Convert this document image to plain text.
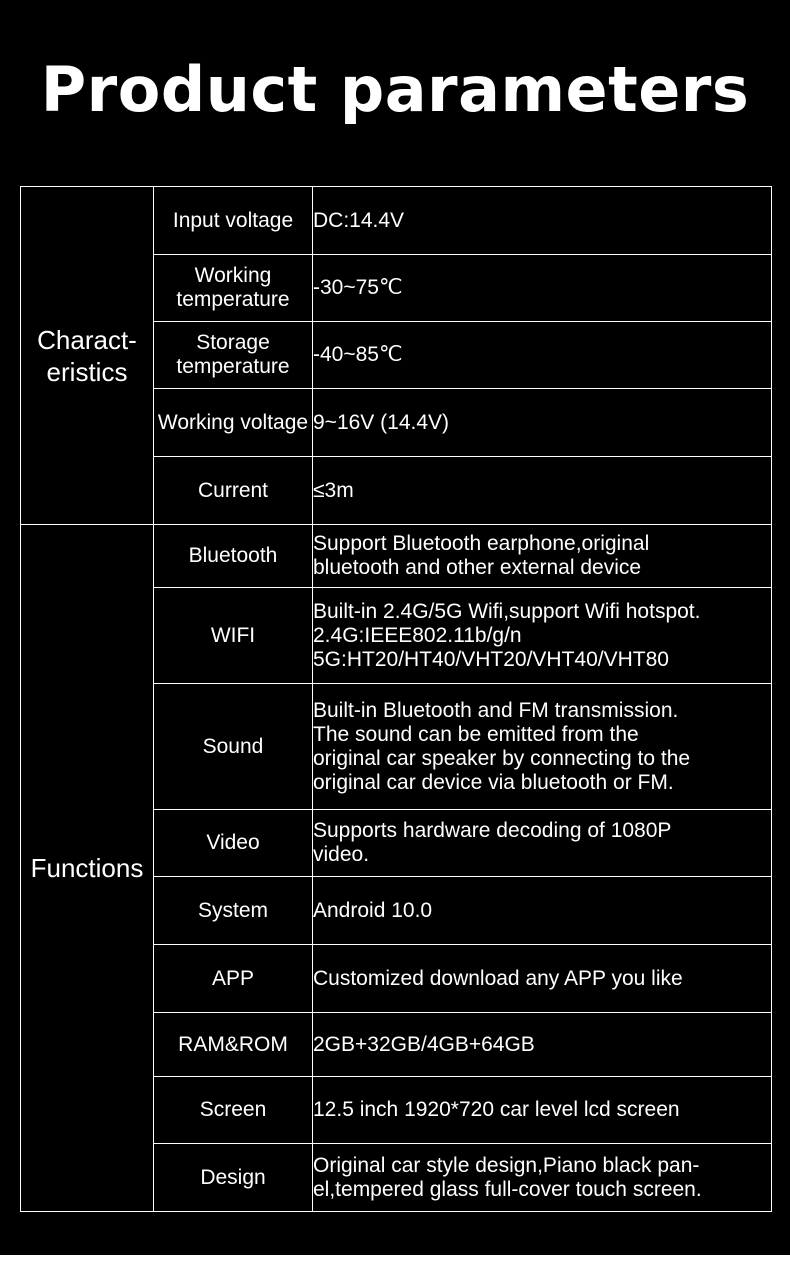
Product parameters
Charact-
eristics	Input voltage	DC:14.4V
	Working temperature	-30~75℃
	Storage temperature	-40~85℃
	Working voltage	9~16V (14.4V)
	Current	≤3m
Functions	Bluetooth	Support Bluetooth earphone,original
bluetooth and other external device
	WIFI	Built-in 2.4G/5G Wifi,support Wifi hotspot.
2.4G:IEEE802.11b/g/n
5G:HT20/HT40/VHT20/VHT40/VHT80
	Sound	Built-in Bluetooth and FM transmission.
The sound can be emitted from the
original car speaker by connecting to the
original car device via bluetooth or FM.
	Video	Supports hardware decoding of 1080P
video.
	System	Android 10.0
	APP	Customized download any APP you like
	RAM&ROM	2GB+32GB/4GB+64GB
	Screen	12.5 inch 1920*720 car level lcd screen
	Design	Original car style design,Piano black pan-
el,tempered glass full-cover touch screen.
